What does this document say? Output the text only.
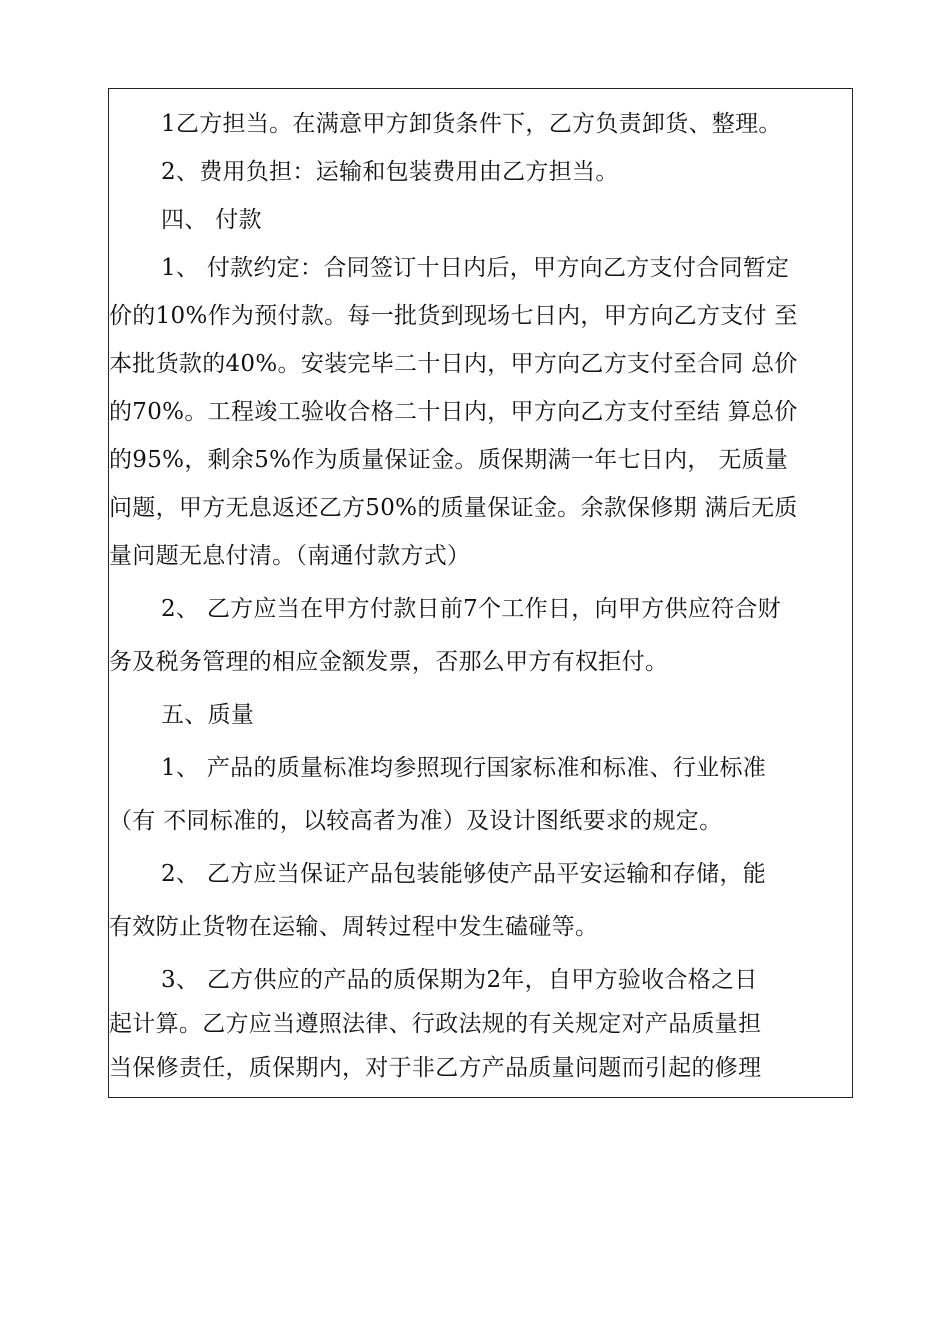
1乙方担当。在满意甲方卸货条件下，乙方负责卸货、整理。
2、费用负担：运输和包装费用由乙方担当。
四、 付款
1、 付款约定：合同签订十日内后，甲方向乙方支付合同暂定
价的10%作为预付款。每一批货到现场七日内，甲方向乙方支付 至
本批货款的40%。安装完毕二十日内，甲方向乙方支付至合同 总价
的70%。工程竣工验收合格二十日内，甲方向乙方支付至结 算总价
的95%，剩余5%作为质量保证金。质保期满一年七日内， 无质量
问题，甲方无息返还乙方50%的质量保证金。余款保修期 满后无质
量问题无息付清。（南通付款方式）
2、 乙方应当在甲方付款日前7个工作日，向甲方供应符合财
务及税务管理的相应金额发票，否那么甲方有权拒付。
五、质量
1、 产品的质量标准均参照现行国家标准和标准、行业标准
（有 不同标准的，以较高者为准）及设计图纸要求的规定。
2、 乙方应当保证产品包装能够使产品平安运输和存储，能
有效防止货物在运输、周转过程中发生磕碰等。
3、 乙方供应的产品的质保期为2年，自甲方验收合格之日
起计算。乙方应当遵照法律、行政法规的有关规定对产品质量担
当保修责任，质保期内，对于非乙方产品质量问题而引起的修理
